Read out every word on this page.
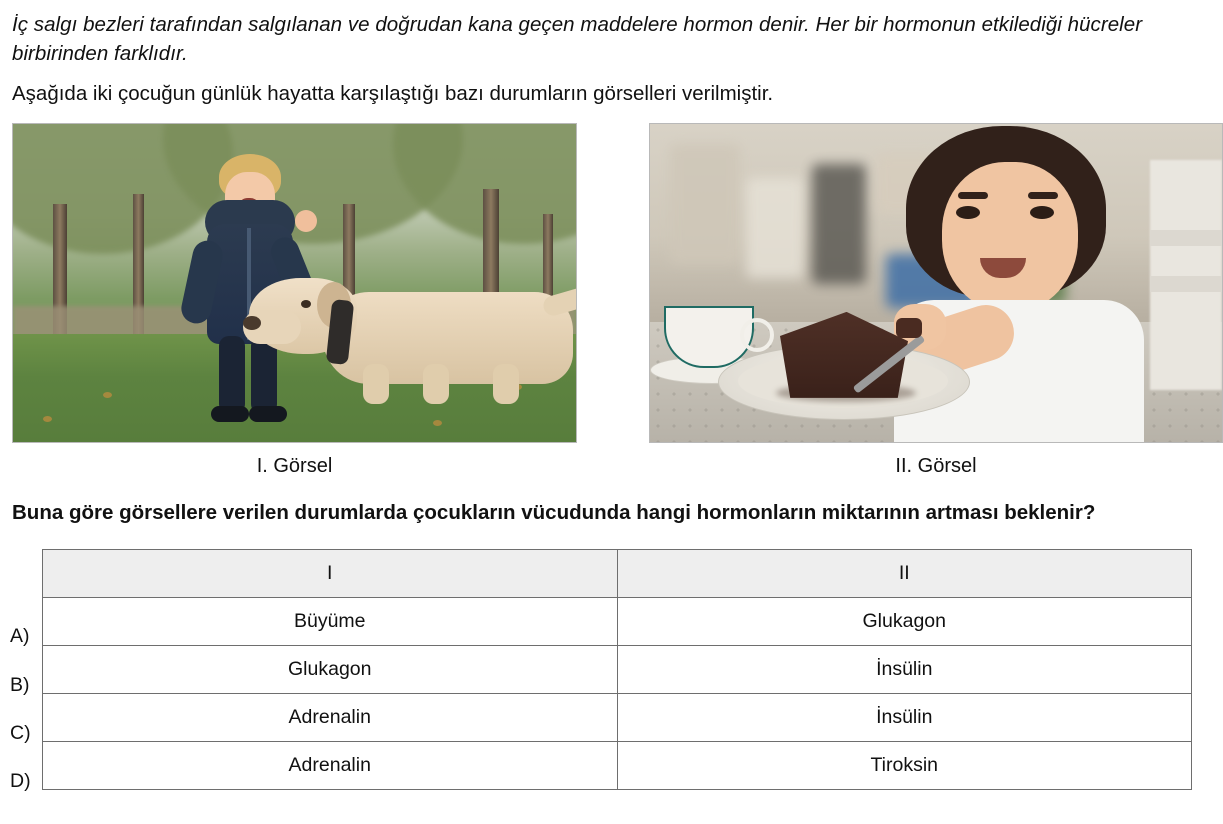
İç salgı bezleri tarafından salgılanan ve doğrudan kana geçen maddelere hormon denir. Her bir hormonun etkilediği hücreler birbirinden farklıdır.

Aşağıda iki çocuğun günlük hayatta karşılaştığı bazı durumların görselleri verilmiştir.

I. Görsel	II. Görsel

Buna göre görsellere verilen durumlarda çocukların vücudunda hangi hormonların miktarının artması beklenir?

A)
B)
C)
D)
I	II
Büyüme	Glukagon
Glukagon	İnsülin
Adrenalin	İnsülin
Adrenalin	Tiroksin
